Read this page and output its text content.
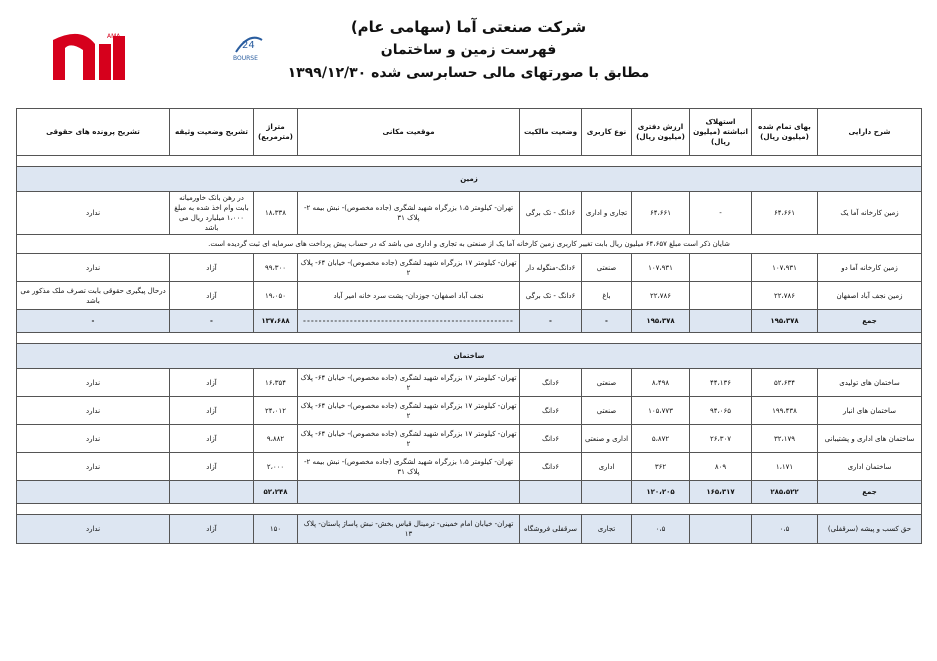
شرکت صنعتی آما (سهامی عام)
فهرست زمین و ساختمان
مطابق با صورتهای مالی حسابرسی شده ۱۳۹۹/۱۲/۳۰
AMA
24
BOURSE
شرح دارایی	بهای تمام شده (میلیون ریال)	استهلاک انباشته (میلیون ریال)	ارزش دفتری (میلیون ریال)	نوع کاربری	وضعیت مالکیت	موقعیت مکانی	متراژ (مترمربع)	تشریح وضعیت وثیقه	تشریح پرونده های حقوقی

زمین									
زمین کارخانه آما یک	۶۴،۶۶۱	-	۶۴،۶۶۱	تجاری و اداری	۶دانگ - تک برگی	تهران- کیلومتر ۱،۵ بزرگراه شهید لشگری (جاده مخصوص)- نبش بیمه ۲- پلاک ۳۱	۱۸،۳۳۸	در رهن بانک خاورمیانه بابت وام اخذ شده به مبلغ ۱،۰۰۰ میلیارد ریال می باشد	ندارد
شایان ذکر است مبلغ ۶۴،۶۵۷ میلیون ریال بابت تغییر کاربری زمین کارخانه آما یک از صنعتی به تجاری و اداری می باشد که در حساب پیش پرداخت های سرمایه ای ثبت گردیده است.									
زمین کارخانه آما دو	۱۰۷،۹۳۱		۱۰۷،۹۳۱	صنعتی	۶دانگ-منگوله دار	تهران- کیلومتر ۱۷ بزرگراه شهید لشگری (جاده مخصوص)- خیابان ۶۴- پلاک ۲	۹۹،۳۰۰	آزاد	ندارد
زمین نجف آباد اصفهان	۲۲،۷۸۶		۲۲،۷۸۶	باغ	۶دانگ - تک برگی	نجف آباد اصفهان- جوزدان- پشت سرد خانه امیر آباد	۱۹،۰۵۰	آزاد	درحال پیگیری حقوقی بابت تصرف ملک مذکور می باشد
جمع	۱۹۵،۳۷۸		۱۹۵،۳۷۸	-	-	------------------------------------------------------	۱۳۷،۶۸۸	-	-

ساختمان									
ساختمان های تولیدی	۵۲،۶۳۴	۴۴،۱۳۶	۸،۴۹۸	صنعتی	۶دانگ	تهران- کیلومتر ۱۷ بزرگراه شهید لشگری (جاده مخصوص)- خیابان ۶۴- پلاک ۲	۱۶،۳۵۴	آزاد	ندارد
ساختمان های انبار	۱۹۹،۴۳۸	۹۴،۰۶۵	۱۰۵،۷۷۳	صنعتی	۶دانگ	تهران- کیلومتر ۱۷ بزرگراه شهید لشگری (جاده مخصوص)- خیابان ۶۴- پلاک ۲	۲۴،۰۱۲	آزاد	ندارد
ساختمان های اداری و پشتیبانی	۳۲،۱۷۹	۲۶،۳۰۷	۵،۸۷۲	اداری و صنعتی	۶دانگ	تهران- کیلومتر ۱۷ بزرگراه شهید لشگری (جاده مخصوص)- خیابان ۶۴- پلاک ۲	۹،۸۸۲	آزاد	ندارد
ساختمان اداری	۱،۱۷۱	۸۰۹	۳۶۲	اداری	۶دانگ	تهران- کیلومتر ۱،۵ بزرگراه شهید لشگری (جاده مخصوص)- نبش بیمه ۲- پلاک ۳۱	۲،۰۰۰	آزاد	ندارد
جمع	۲۸۵،۵۲۲	۱۶۵،۳۱۷	۱۲۰،۲۰۵				۵۲،۲۴۸		

حق کسب و پیشه (سرقفلی)	۰،۵		۰،۵	تجاری	سرقفلی فروشگاه	تهران- خیابان امام خمینی- ترمینال قیاس بخش- نبش پاساژ پاستان- پلاک ۱۳	۱۵۰	آزاد	ندارد
